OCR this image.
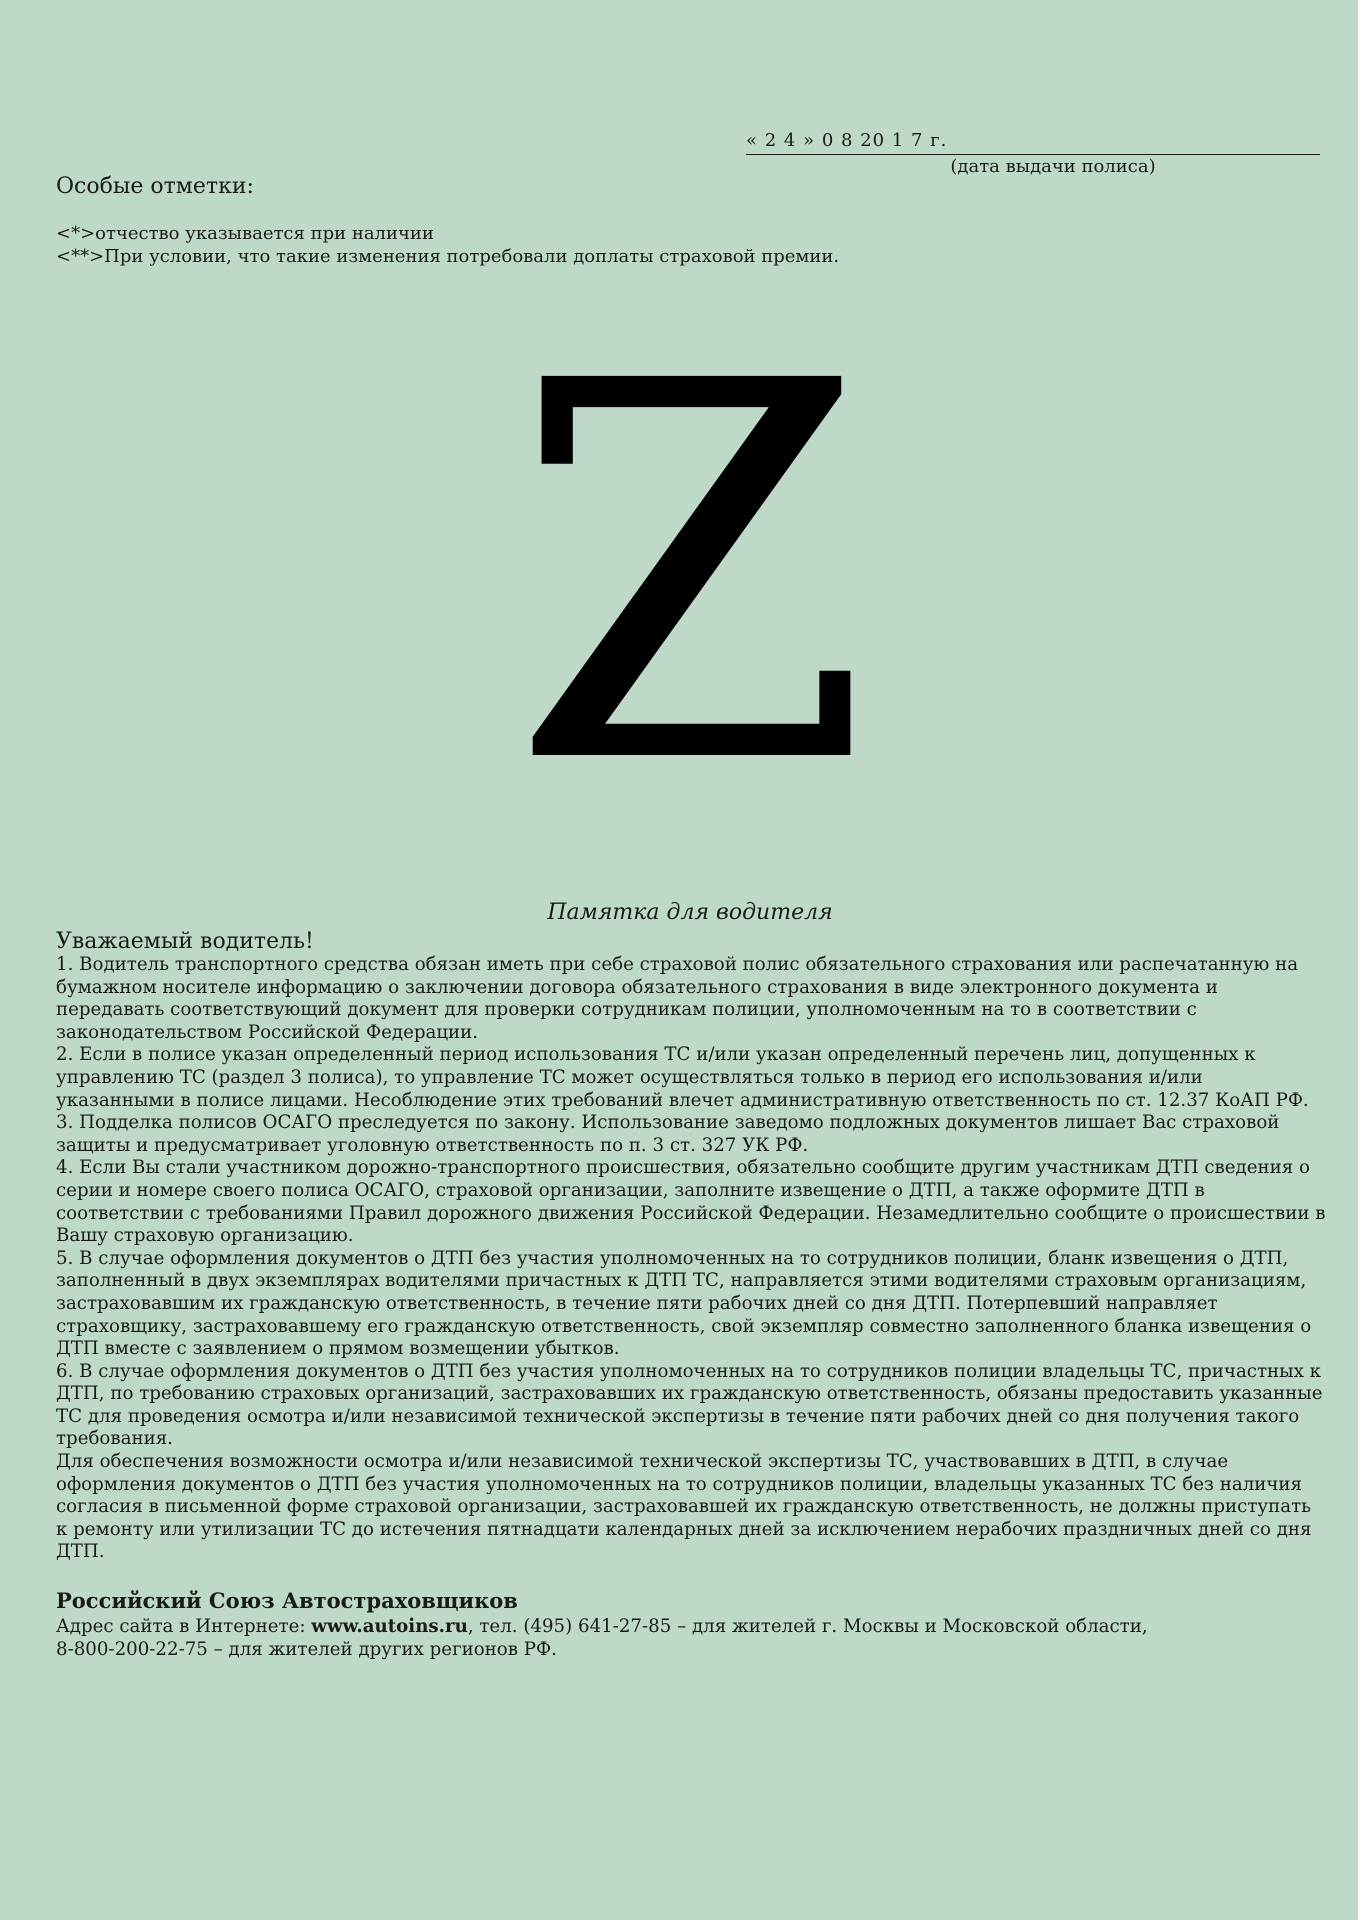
« 2 4 » 0 8 20 1 7 г.
(дата выдачи полиса)
Особые отметки:
<*>отчество указывается при наличии
<**>При условии, что такие изменения потребовали доплаты страховой премии.
Z
Памятка для водителя
Уважаемый водитель!

1. Водитель транспортного средства обязан иметь при себе страховой полис обязательного страхования или распечатанную на бумажном носителе информацию о заключении договора обязательного страхования в виде электронного документа и передавать соответствующий документ для проверки сотрудникам полиции, уполномоченным на то в соответствии с законодательством Российской Федерации.

2. Если в полисе указан определенный период использования ТС и/или указан определенный перечень лиц, допущенных к управлению ТС (раздел 3 полиса), то управление ТС может осуществляться только в период его использования и/или указанными в полисе лицами. Несоблюдение этих требований влечет административную ответственность по ст. 12.37 КоАП РФ.

3. Подделка полисов ОСАГО преследуется по закону. Использование заведомо подложных документов лишает Вас страховой защиты и предусматривает уголовную ответственность по п. 3 ст. 327 УК РФ.

4. Если Вы стали участником дорожно-транспортного происшествия, обязательно сообщите другим участникам ДТП сведения о серии и номере своего полиса ОСАГО, страховой организации, заполните извещение о ДТП, а также оформите ДТП в соответствии с требованиями Правил дорожного движения Российской Федерации. Незамедлительно сообщите о происшествии в Вашу страховую организацию.

5. В случае оформления документов о ДТП без участия уполномоченных на то сотрудников полиции, бланк извещения о ДТП, заполненный в двух экземплярах водителями причастных к ДТП ТС, направляется этими водителями страховым организациям, застраховавшим их гражданскую ответственность, в течение пяти рабочих дней со дня ДТП. Потерпевший направляет страховщику, застраховавшему его гражданскую ответственность, свой экземпляр совместно заполненного бланка извещения о ДТП вместе с заявлением о прямом возмещении убытков.

6. В случае оформления документов о ДТП без участия уполномоченных на то сотрудников полиции владельцы ТС, причастных к ДТП, по требованию страховых организаций, застраховавших их гражданскую ответственность, обязаны предоставить указанные ТС для проведения осмотра и/или независимой технической экспертизы в течение пяти рабочих дней со дня получения такого требования.

Для обеспечения возможности осмотра и/или независимой технической экспертизы ТС, участвовавших в ДТП, в случае оформления документов о ДТП без участия уполномоченных на то сотрудников полиции, владельцы указанных ТС без наличия согласия в письменной форме страховой организации, застраховавшей их гражданскую ответственность, не должны приступать к ремонту или утилизации ТС до истечения пятнадцати календарных дней за исключением нерабочих праздничных дней со дня ДТП.

Российский Союз Автостраховщиков
Адрес сайта в Интернете: www.autoins.ru, тел. (495) 641-27-85 – для жителей г. Москвы и Московской области,
8-800-200-22-75 – для жителей других регионов РФ.
